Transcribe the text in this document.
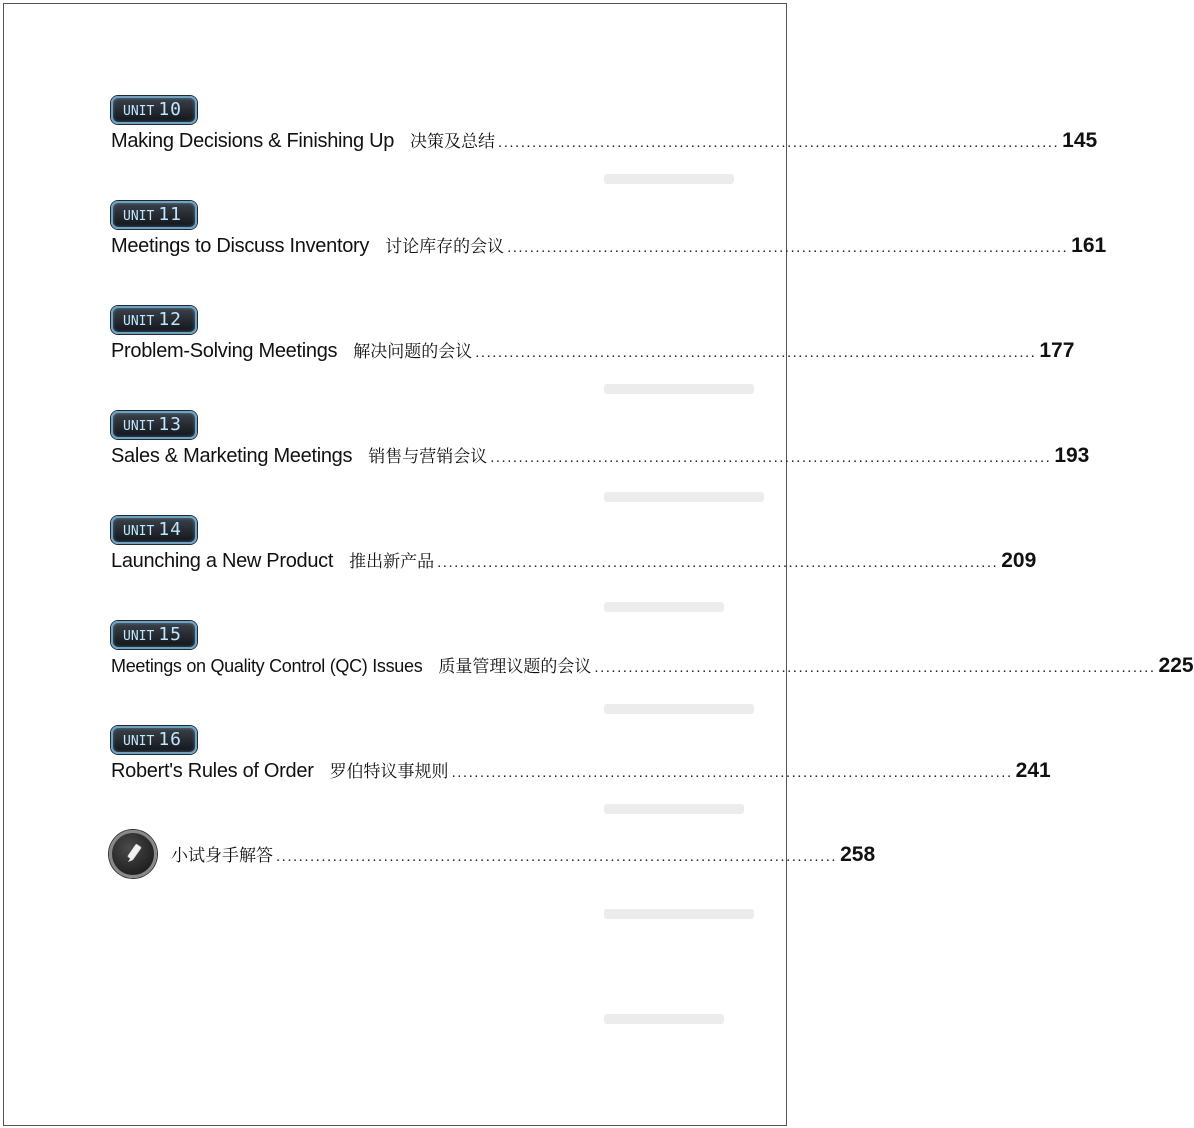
UNIT 10
Making Decisions & Finishing Up 决策及总结 ................................................................................................... 145
UNIT 11
Meetings to Discuss Inventory 讨论库存的会议 ................................................................................................... 161
UNIT 12
Problem-Solving Meetings 解决问题的会议 ................................................................................................... 177
UNIT 13
Sales & Marketing Meetings 销售与营销会议 ................................................................................................... 193
UNIT 14
Launching a New Product 推出新产品 ................................................................................................... 209
UNIT 15
Meetings on Quality Control (QC) Issues 质量管理议题的会议 ................................................................................................... 225
UNIT 16
Robert's Rules of Order 罗伯特议事规则 ................................................................................................... 241
小试身手解答 ................................................................................................... 258
